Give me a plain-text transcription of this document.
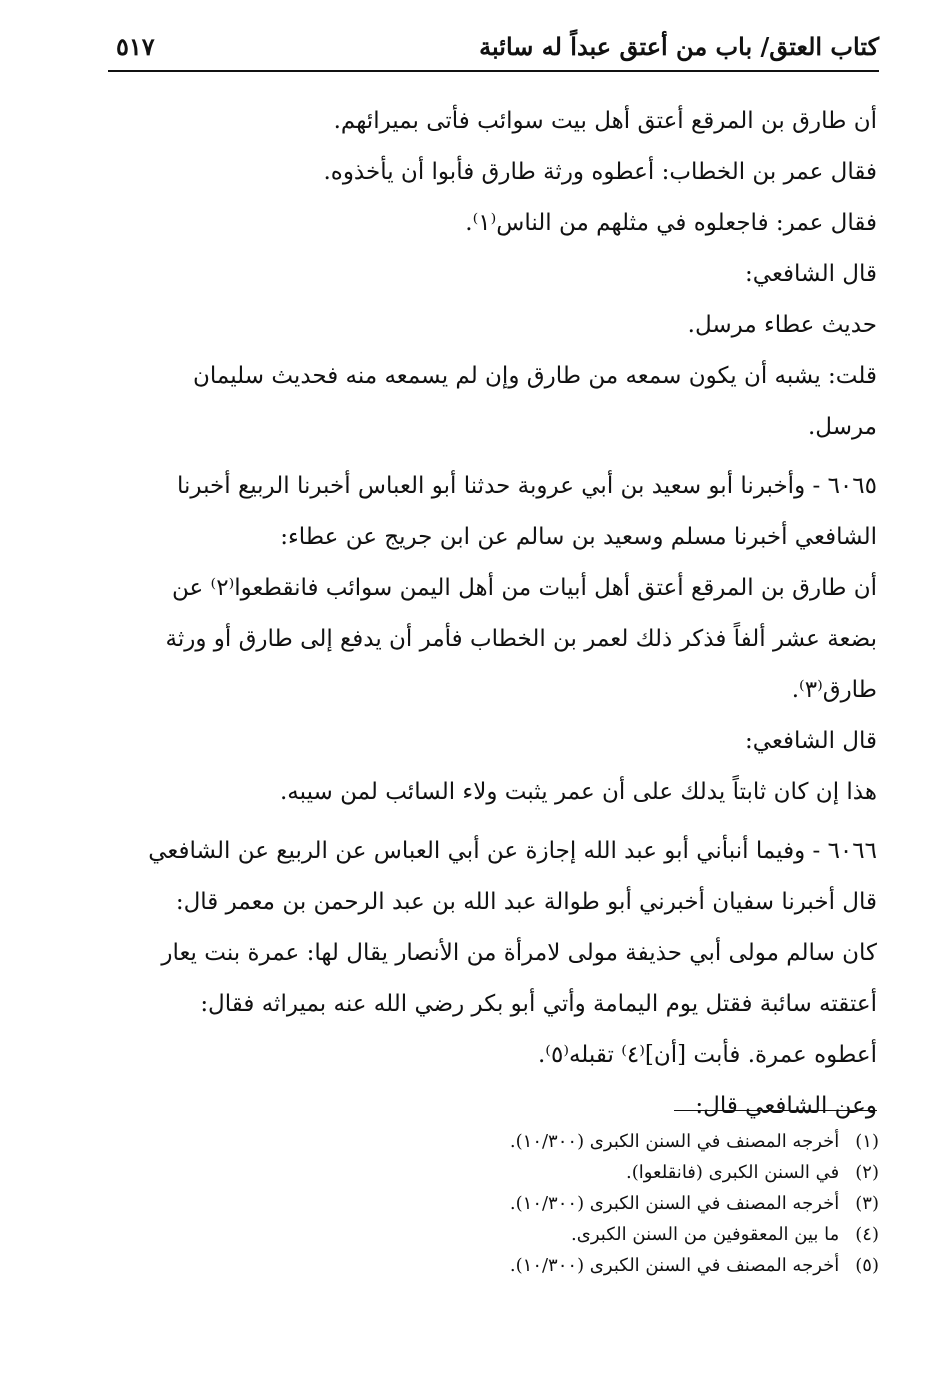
كتاب العتق/ باب من أعتق عبداً له سائبة
٥١٧

أن طارق بن المرقع أعتق أهل بيت سوائب فأتى بميرائهم.

فقال عمر بن الخطاب: أعطوه ورثة طارق فأبوا أن يأخذوه.

فقال عمر: فاجعلوه في مثلهم من الناس⁽١⁾.

قال الشافعي:

حديث عطاء مرسل.

قلت: يشبه أن يكون سمعه من طارق وإن لم يسمعه منه فحديث سليمان

مرسل.

٦٠٦٥ - وأخبرنا أبو سعيد بن أبي عروبة حدثنا أبو العباس أخبرنا الربيع أخبرنا

الشافعي أخبرنا مسلم وسعيد بن سالم عن ابن جريج عن عطاء:

أن طارق بن المرقع أعتق أهل أبيات من أهل اليمن سوائب فانقطعوا⁽٢⁾ عن

بضعة عشر ألفاً فذكر ذلك لعمر بن الخطاب فأمر أن يدفع إلى طارق أو ورثة

طارق⁽٣⁾.

قال الشافعي:

هذا إن كان ثابتاً يدلك على أن عمر يثبت ولاء السائب لمن سيبه.

٦٠٦٦ - وفيما أنبأني أبو عبد الله إجازة عن أبي العباس عن الربيع عن الشافعي

قال أخبرنا سفيان أخبرني أبو طوالة عبد الله بن عبد الرحمن بن معمر قال:

كان سالم مولى أبي حذيفة مولى لامرأة من الأنصار يقال لها: عمرة بنت يعار

أعتقته سائبة فقتل يوم اليمامة وأتي أبو بكر رضي الله عنه بميراثه فقال:

أعطوه عمرة. فأبت [أن]⁽٤⁾ تقبله⁽٥⁾.

وعن الشافعي قال:

(١) أخرجه المصنف في السنن الكبرى (١٠/٣٠٠).
(٢) في السنن الكبرى (فانقلعوا).
(٣) أخرجه المصنف في السنن الكبرى (١٠/٣٠٠).
(٤) ما بين المعقوفين من السنن الكبرى.
(٥) أخرجه المصنف في السنن الكبرى (١٠/٣٠٠).
